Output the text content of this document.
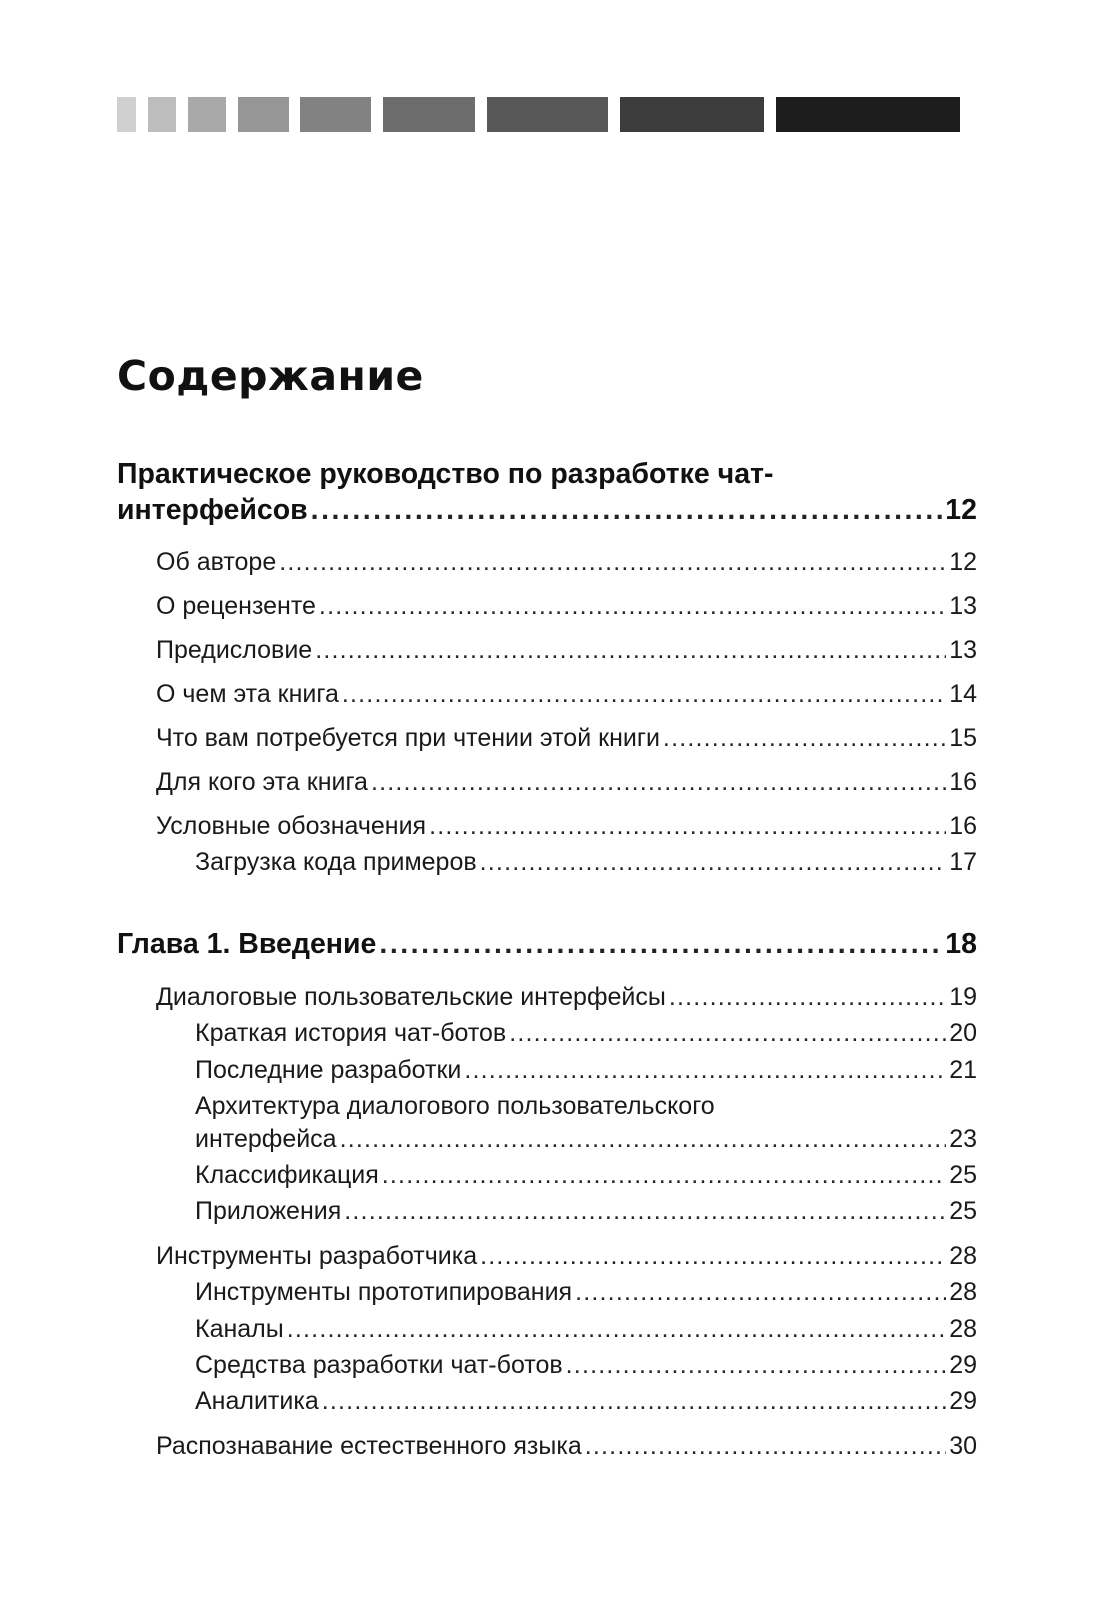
Содержание
Практическое руководство по разработке чат-
интерфейсов .....	12
Об авторе .....	12
О рецензенте .....	13
Предисловие .....	13
О чем эта книга .....	14
Что вам потребуется при чтении этой книги .....	15
Для кого эта книга .....	16
Условные обозначения .....	16
Загрузка кода примеров .....	17
Глава 1. Введение .....	18
Диалоговые пользовательские интерфейсы .....	19
Краткая история чат-ботов .....	20
Последние разработки .....	21
Архитектура диалогового пользовательского
интерфейса .....	23
Классификация .....	25
Приложения .....	25
Инструменты разработчика .....	28
Инструменты прототипирования .....	28
Каналы .....	28
Средства разработки чат-ботов .....	29
Аналитика .....	29
Распознавание естественного языка .....	30
